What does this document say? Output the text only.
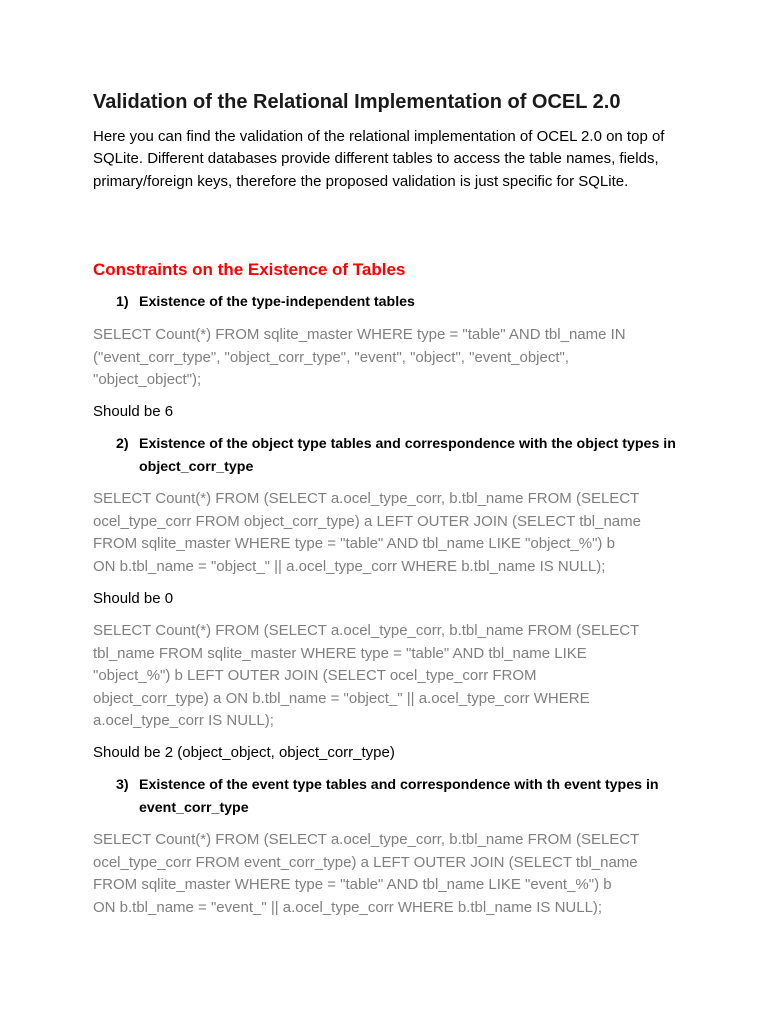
Validation of the Relational Implementation of OCEL 2.0

Here you can find the validation of the relational implementation of OCEL 2.0 on top of SQLite. Different databases provide different tables to access the table names, fields, primary/foreign keys, therefore the proposed validation is just specific for SQLite.

Constraints on the Existence of Tables
1) Existence of the type-independent tables
SELECT Count(*) FROM sqlite_master WHERE type = "table" AND tbl_name IN
("event_corr_type", "object_corr_type", "event", "object", "event_object",
"object_object");
Should be 6
2) Existence of the object type tables and correspondence with the object types in object_corr_type
SELECT Count(*) FROM (SELECT a.ocel_type_corr, b.tbl_name FROM (SELECT
ocel_type_corr FROM object_corr_type) a LEFT OUTER JOIN (SELECT tbl_name
FROM sqlite_master WHERE type = "table" AND tbl_name LIKE "object_%") b
ON b.tbl_name = "object_" || a.ocel_type_corr WHERE b.tbl_name IS NULL);
Should be 0
SELECT Count(*) FROM (SELECT a.ocel_type_corr, b.tbl_name FROM (SELECT
tbl_name FROM sqlite_master WHERE type = "table" AND tbl_name LIKE
"object_%") b LEFT OUTER JOIN (SELECT ocel_type_corr FROM
object_corr_type) a ON b.tbl_name = "object_" || a.ocel_type_corr WHERE
a.ocel_type_corr IS NULL);
Should be 2 (object_object, object_corr_type)
3) Existence of the event type tables and correspondence with th event types in event_corr_type
SELECT Count(*) FROM (SELECT a.ocel_type_corr, b.tbl_name FROM (SELECT
ocel_type_corr FROM event_corr_type) a LEFT OUTER JOIN (SELECT tbl_name
FROM sqlite_master WHERE type = "table" AND tbl_name LIKE "event_%") b
ON b.tbl_name = "event_" || a.ocel_type_corr WHERE b.tbl_name IS NULL);
